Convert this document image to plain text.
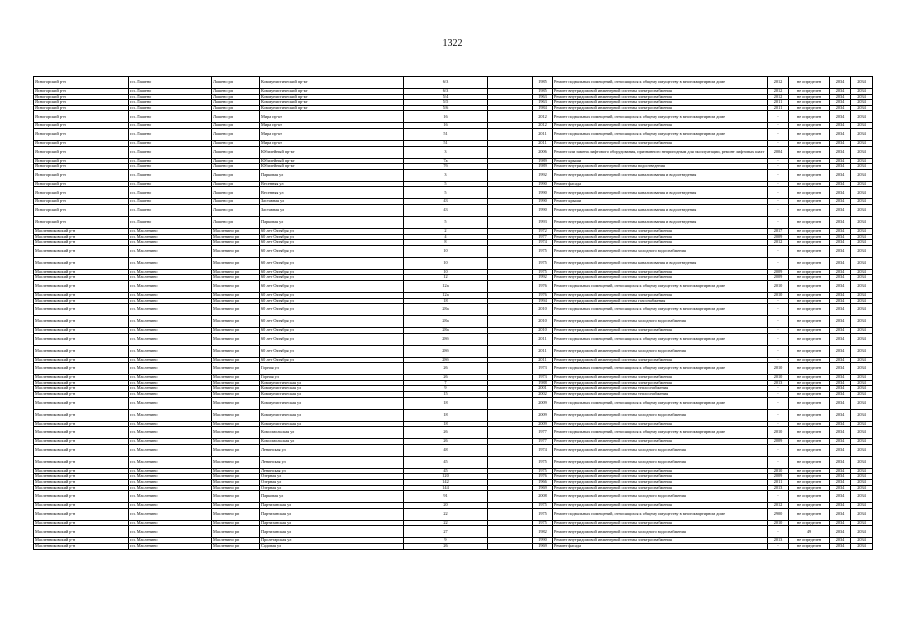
1322
Ясногорский р-н	г.п. Лашено	Лашено рп	Коммунистический пр-кт	6/3		1985	Ремонт подвальных помещений, относящихся к общему имуществу в многоквартирном доме	2012	не определен	2034	2034
Ясногорский р-н	г.п. Лашено	Лашено рп	Коммунистический пр-кт	6/3		1985	Ремонт внутридомовой инженерной системы электроснабжения	2012	не определен	2034	2034
Ясногорский р-н	г.п. Лашено	Лашено рп	Коммунистический пр-кт	5/4		1963	Ремонт внутридомовой инженерной системы электроснабжения	2012	не определен	2034	2034
Ясногорский р-н	г.п. Лашено	Лашено рп	Коммунистический пр-кт	5/5		1963	Ремонт внутридомовой инженерной системы электроснабжения	2011	не определен	2034	2034
Ясногорский р-н	г.п. Лашено	Лашено рп	Коммунистический пр-кт	5/6		1984	Ремонт внутридомовой инженерной системы электроснабжения	2011	не определен	2034	2034
Ясногорский р-н	г.п. Лашено	Лашено рп	Мира пр-кт	16		2012	Ремонт подвальных помещений, относящихся к общему имуществу в многоквартирном доме	-	не определен	2034	2034
Ясногорский р-н	г.п. Лашено	Лашено рп	Мира пр-кт	16		2012	Ремонт внутридомовой инженерной системы электроснабжения	-	не определен	2034	2034
Ясногорский р-н	г.п. Лашено	Лашено рп	Мира пр-кт	51		2011	Ремонт подвальных помещений, относящихся к общему имуществу в многоквартирном доме	-	не определен	2034	2034
Ясногорский р-н	г.п. Лашено	Лашено рп	Мира пр-кт	51		2011	Ремонт внутридомовой инженерной системы электроснабжения	-	не определен	2034	2034
Ясногорский р-н	г.п. Лашено	Лашено рп	Юбилейный пр-кт	3		2006	Ремонт или замена лифтового оборудования, признанного непригодным для эксплуатации, ремонт лифтовых шахт	2004	не определен	2034	2034
Ясногорский р-н	г.п. Лашено	Лашено рп	Юбилейный пр-кт	7а		1989	Ремонт крыши	-	не определен	2034	2034
Ясногорский р-н	г.п. Лашено	Лашено рп	Юбилейный пр-кт	7б		1989	Ремонт внутридомовой инженерной системы водоотведения	-	не определен	2034	2034
Ясногорский р-н	г.п. Лашено	Лашено рп	Парковая ул	3		1992	Ремонт внутридомовой инженерной системы канализования и водоотведения	-	не определен	2034	2034
Ясногорский р-н	г.п. Лашено	Лашено рп	Весенняя ул	5		1990	Ремонт фасада	-	не определен	2034	2034
Ясногорский р-н	г.п. Лашено	Лашено рп	Весенняя ул	5		1990	Ремонт внутридомовой инженерной системы канализования и водоотведения	-	не определен	2034	2034
Ясногорский р-н	г.п. Лашено	Лашено рп	Заставная ул	43		1990	Ремонт крыши	-	не определен	2034	2034
Ясногорский р-н	г.п. Лашено	Лашено рп	Заставная ул	43		1990	Ремонт внутридомовой инженерной системы канализования и водоотведения	-	не определен	2034	2034
Ясногорский р-н	г.п. Лашено	Лашено рп	Парковая ул	5		1993	Ремонт внутридомовой инженерной системы канализования и водоотведения	-	не определен	2034	2034
Масленниковский р-н	г.п. Масленино	Масленино рп	60 лет Октября ул	2		1972	Ремонт внутридомовой инженерной системы электроснабжения	2017	не определен	2034	2034
Масленниковский р-н	г.п. Масленино	Масленино рп	60 лет Октября ул	4		1977	Ремонт внутридомовой инженерной системы электроснабжения	2009	не определен	2034	2034
Масленниковский р-н	г.п. Масленино	Масленино рп	60 лет Октября ул	8		1974	Ремонт внутридомовой инженерной системы электроснабжения	2012	не определен	2034	2034
Масленниковский р-н	г.п. Масленино	Масленино рп	60 лет Октября ул	10		1975	Ремонт внутридомовой инженерной системы холодного водоснабжения	-	не определен	2034	2034
Масленниковский р-н	г.п. Масленино	Масленино рп	60 лет Октября ул	10		1975	Ремонт внутридомовой инженерной системы канализования и водоотведения	-	не определен	2034	2034
Масленниковский р-н	г.п. Масленино	Масленино рп	60 лет Октября ул	10		1975	Ремонт внутридомовой инженерной системы электроснабжения	2009	не определен	2034	2034
Масленниковский р-н	г.п. Масленино	Масленино рп	60 лет Октября ул	12		1992	Ремонт внутридомовой инженерной системы электроснабжения	2009	не определен	2034	2034
Масленниковский р-н	г.п. Масленино	Масленино рп	60 лет Октября ул	12а		1976	Ремонт подвальных помещений, относящихся к общему имуществу в многоквартирном доме	2010	не определен	2034	2034
Масленниковский р-н	г.п. Масленино	Масленино рп	60 лет Октября ул	12а		1976	Ремонт внутридомовой инженерной системы электроснабжения	2010	не определен	2034	2034
Масленниковский р-н	г.п. Масленино	Масленино рп	60 лет Октября ул	18		1994	Ремонт внутридомовой инженерной системы газоснабжения	-	не определен	2034	2034
Масленниковский р-н	г.п. Масленино	Масленино рп	60 лет Октября ул	28а		2010	Ремонт подвальных помещений, относящихся к общему имуществу в многоквартирном доме	-	не определен	2034	2034
Масленниковский р-н	г.п. Масленино	Масленино рп	60 лет Октября ул	28а		2010	Ремонт внутридомовой инженерной системы холодного водоснабжения	-	не определен	2034	2034
Масленниковский р-н	г.п. Масленино	Масленино рп	60 лет Октября ул	28а		2010	Ремонт внутридомовой инженерной системы электроснабжения	-	не определен	2034	2034
Масленниковский р-н	г.п. Масленино	Масленино рп	60 лет Октября ул	28б		2011	Ремонт подвальных помещений, относящихся к общему имуществу в многоквартирном доме	-	не определен	2034	2034
Масленниковский р-н	г.п. Масленино	Масленино рп	60 лет Октября ул	28б		2011	Ремонт внутридомовой инженерной системы холодного водоснабжения	-	не определен	2034	2034
Масленниковский р-н	г.п. Масленино	Масленино рп	60 лет Октября ул	28б		2011	Ремонт внутридомовой инженерной системы электроснабжения	-	не определен	2034	2034
Масленниковский р-н	г.п. Масленино	Масленино рп	Горная ул	26		1973	Ремонт подвальных помещений, относящихся к общему имуществу в многоквартирном доме	2010	не определен	2034	2034
Масленниковский р-н	г.п. Масленино	Масленино рп	Горная ул	26		1973	Ремонт внутридомовой инженерной системы электроснабжения	2010	не определен	2034	2034
Масленниковский р-н	г.п. Масленино	Масленино рп	Коммунистическая ул	7		1988	Ремонт внутридомовой инженерной системы электроснабжения	2013	не определен	2034	2034
Масленниковский р-н	г.п. Масленино	Масленино рп	Коммунистическая ул	9		2001	Ремонт внутридомовой инженерной системы теплоснабжения	-	не определен	2034	2034
Масленниковский р-н	г.п. Масленино	Масленино рп	Коммунистическая ул	15		2002	Ремонт внутридомовой инженерной системы теплоснабжения	-	не определен	2034	2034
Масленниковский р-н	г.п. Масленино	Масленино рп	Коммунистическая ул	18		2009	Ремонт подвальных помещений, относящихся к общему имуществу в многоквартирном доме	-	не определен	2034	2034
Масленниковский р-н	г.п. Масленино	Масленино рп	Коммунистическая ул	18		2009	Ремонт внутридомовой инженерной системы холодного водоснабжения	-	не определен	2034	2034
Масленниковский р-н	г.п. Масленино	Масленино рп	Коммунистическая ул	18		2009	Ремонт внутридомовой инженерной системы электроснабжения	-	не определен	2034	2034
Масленниковский р-н	г.п. Масленино	Масленино рп	Комсомольская ул	26		1977	Ремонт подвальных помещений, относящихся к общему имуществу в многоквартирном доме	2010	не определен	2034	2034
Масленниковский р-н	г.п. Масленино	Масленино рп	Комсомольская ул	26		1977	Ремонт внутридомовой инженерной системы электроснабжения	2009	не определен	2034	2034
Масленниковский р-н	г.п. Масленино	Масленино рп	Ленинская ул	48		1974	Ремонт внутридомовой инженерной системы холодного водоснабжения	-	не определен	2034	2034
Масленниковский р-н	г.п. Масленино	Масленино рп	Ленинская ул	45		1975	Ремонт внутридомовой инженерной системы холодного водоснабжения	-	не определен	2034	2034
Масленниковский р-н	г.п. Масленино	Масленино рп	Ленинская ул	45		1975	Ремонт внутридомовой инженерной системы электроснабжения	2010	не определен	2034	2034
Масленниковский р-н	г.п. Масленино	Масленино рп	Озерная ул	120		1976	Ремонт внутридомовой инженерной системы электроснабжения	2009	не определен	2034	2034
Масленниковский р-н	г.п. Масленино	Масленино рп	Озерная ул	142		1966	Ремонт внутридомовой инженерной системы электроснабжения	2011	не определен	2034	2034
Масленниковский р-н	г.п. Масленино	Масленино рп	Озерная ул	144		1969	Ремонт внутридомовой инженерной системы электроснабжения	2013	не определен	2034	2034
Масленниковский р-н	г.п. Масленино	Масленино рп	Парковая ул	91		2008	Ремонт внутридомовой инженерной системы холодного водоснабжения	-	не определен	2034	2034
Масленниковский р-н	г.п. Масленино	Масленино рп	Партизанская ул	20		1975	Ремонт внутридомовой инженерной системы электроснабжения	2012	не определен	2034	2034
Масленниковский р-н	г.п. Масленино	Масленино рп	Партизанская ул	22		1975	Ремонт подвальных помещений, относящихся к общему имуществу в многоквартирном доме	2900	не определен	2034	2034
Масленниковский р-н	г.п. Масленино	Масленино рп	Партизанская ул	22		1975	Ремонт внутридомовой инженерной системы электроснабжения	2010	не определен	2034	2034
Масленниковский р-н	г.п. Масленино	Масленино рп	Партизанская ул	27		1982	Ремонт внутридомовой инженерной системы холодного водоснабжения	-	49	2034	2034
Масленниковский р-н	г.п. Масленино	Масленино рп	Пролетарская ул	9		1990	Ремонт внутридомовой инженерной системы электроснабжения	2013	не определен	2034	2034
Масленниковский р-н	г.п. Масленино	Масленино рп	Садовая ул	26		1969	Ремонт фасада	-	не определен	2034	2034
